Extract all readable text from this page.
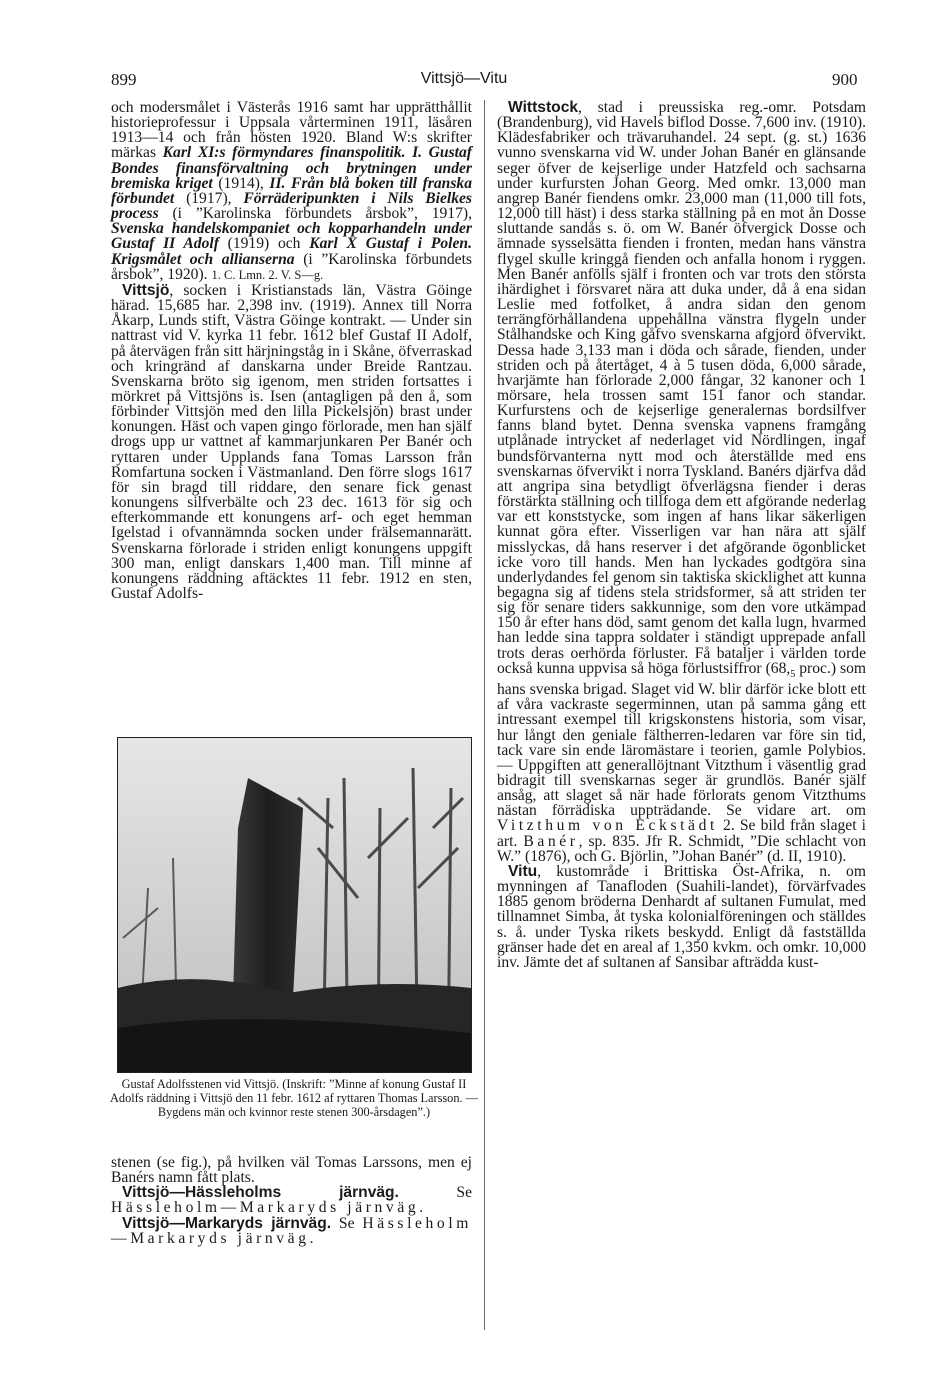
899	Vittsjö—Vitu	900

och modersmålet i Västerås 1916 samt har upprätthållit historieprofessur i Uppsala vårterminen 1911, läsåren 1913—14 och från hösten 1920. Bland W:s skrifter märkas Karl XI:s förmyndares finanspolitik. I. Gustaf Bondes finansförvaltning och brytningen under bremiska kriget (1914), II. Från blå boken till franska förbundet (1917), Förräderipunkten i Nils Bielkes process (i ”Karolinska förbundets årsbok”, 1917), Svenska handelskompaniet och kopparhandeln under Gustaf II Adolf (1919) och Karl X Gustaf i Polen. Krigsmålet och allianserna (i ”Karolinska förbundets årsbok”, 1920). 1. C. Lmn. 2. V. S—g.

Vittsjö, socken i Kristianstads län, Västra Göinge härad. 15,685 har. 2,398 inv. (1919). Annex till Norra Åkarp, Lunds stift, Västra Göinge kontrakt. — Under sin nattrast vid V. kyrka 11 febr. 1612 blef Gustaf II Adolf, på återvägen från sitt härjningståg in i Skåne, öfverraskad och kringränd af danskarna under Breide Rantzau. Svenskarna bröto sig igenom, men striden fortsattes i mörkret på Vittsjöns is. Isen (antagligen på den å, som förbinder Vittsjön med den lilla Pickelsjön) brast under konungen. Häst och vapen gingo förlorade, men han själf drogs upp ur vattnet af kammarjunkaren Per Banér och ryttaren under Upplands fana Tomas Larsson från Romfartuna socken i Västmanland. Den förre slogs 1617 för sin bragd till riddare, den senare fick genast konungens silfverbälte och 23 dec. 1613 för sig och efterkommande ett konungens arf- och eget hemman Igelstad i ofvannämnda socken under frälsemannarätt. Svenskarna förlorade i striden enligt konungens uppgift 300 man, enligt danskars 1,400 man. Till minne af konungens räddning aftäcktes 11 febr. 1912 en sten, Gustaf Adolfs-

Gustaf Adolfsstenen vid Vittsjö. (Inskrift: ”Minne af konung Gustaf II Adolfs räddning i Vittsjö den 11 febr. 1612 af ryttaren Thomas Larsson. — Bygdens män och kvinnor reste stenen 300-årsdagen”.)

stenen (se fig.), på hvilken väl Tomas Larssons, men ej Banérs namn fått plats.

Vittsjö—Hässleholms järnväg. Se Hässleholm—Markaryds järnväg.

Vittsjö—Markaryds järnväg. Se Hässleholm—Markaryds järnväg.

Wittstock, stad i preussiska reg.-omr. Potsdam (Brandenburg), vid Havels biflod Dosse. 7,600 inv. (1910). Klädesfabriker och trävaruhandel. 24 sept. (g. st.) 1636 vunno svenskarna vid W. under Johan Banér en glänsande seger öfver de kejserlige under Hatzfeld och sachsarna under kurfursten Johan Georg. Med omkr. 13,000 man angrep Banér fiendens omkr. 23,000 man (11,000 till fots, 12,000 till häst) i dess starka ställning på en mot ån Dosse sluttande sandås s. ö. om W. Banér öfvergick Dosse och ämnade sysselsätta fienden i fronten, medan hans vänstra flygel skulle kringgå fienden och anfalla honom i ryggen. Men Banér anfölls själf i fronten och var trots den största ihärdighet i försvaret nära att duka under, då å ena sidan Leslie med fotfolket, å andra sidan den genom terrängförhållandena uppehållna vänstra flygeln under Stålhandske och King gåfvo svenskarna afgjord öfvervikt. Dessa hade 3,133 man i döda och sårade, fienden, under striden och på återtåget, 4 à 5 tusen döda, 6,000 sårade, hvarjämte han förlorade 2,000 fångar, 32 kanoner och 1 mörsare, hela trossen samt 151 fanor och standar. Kurfurstens och de kejserlige generalernas bordsilfver fanns bland bytet. Denna svenska vapnens framgång utplånade intrycket af nederlaget vid Nördlingen, ingaf bundsförvanterna nytt mod och återställde med ens svenskarnas öfvervikt i norra Tyskland. Banérs djärfva dåd att angripa sina betydligt öfverlägsna fiender i deras förstärkta ställning och tillfoga dem ett afgörande nederlag var ett konststycke, som ingen af hans likar säkerligen kunnat göra efter. Visserligen var han nära att själf misslyckas, då hans reserver i det afgörande ögonblicket icke voro till hands. Men han lyckades godtgöra sina underlydandes fel genom sin taktiska skicklighet att kunna begagna sig af tidens stela stridsformer, så att striden ter sig för senare tiders sakkunnige, som den vore utkämpad 150 år efter hans död, samt genom det kalla lugn, hvarmed han ledde sina tappra soldater i ständigt upprepade anfall trots deras oerhörda förluster. Få bataljer i världen torde också kunna uppvisa så höga förlustsiffror ($68,_5$ proc.) som hans svenska brigad. Slaget vid W. blir därför icke blott ett af våra vackraste segerminnen, utan på samma gång ett intressant exempel till krigskonstens historia, som visar, hur långt den geniale fältherren-ledaren var före sin tid, tack vare sin ende läromästare i teorien, gamle Polybios. — Uppgiften att generallöjtnant Vitzthum i väsentlig grad bidragit till svenskarnas seger är grundlös. Banér själf ansåg, att slaget så när hade förlorats genom Vitzthums nästan förrädiska uppträdande. Se vidare art. om Vitzthum von Eckstädt 2. Se bild från slaget i art. Banér, sp. 835. Jfr R. Schmidt, ”Die schlacht von W.” (1876), och G. Björlin, ”Johan Banér” (d. II, 1910).

Vitu, kustområde i Brittiska Öst-Afrika, n. om mynningen af Tanafloden (Suahili-landet), förvärfvades 1885 genom bröderna Denhardt af sultanen Fumulat, med tillnamnet Simba, åt tyska kolonialföreningen och ställdes s. å. under Tyska rikets beskydd. Enligt då fastställda gränser hade det en areal af 1,350 kvkm. och omkr. 10,000 inv. Jämte det af sultanen af Sansibar afträdda kust-
